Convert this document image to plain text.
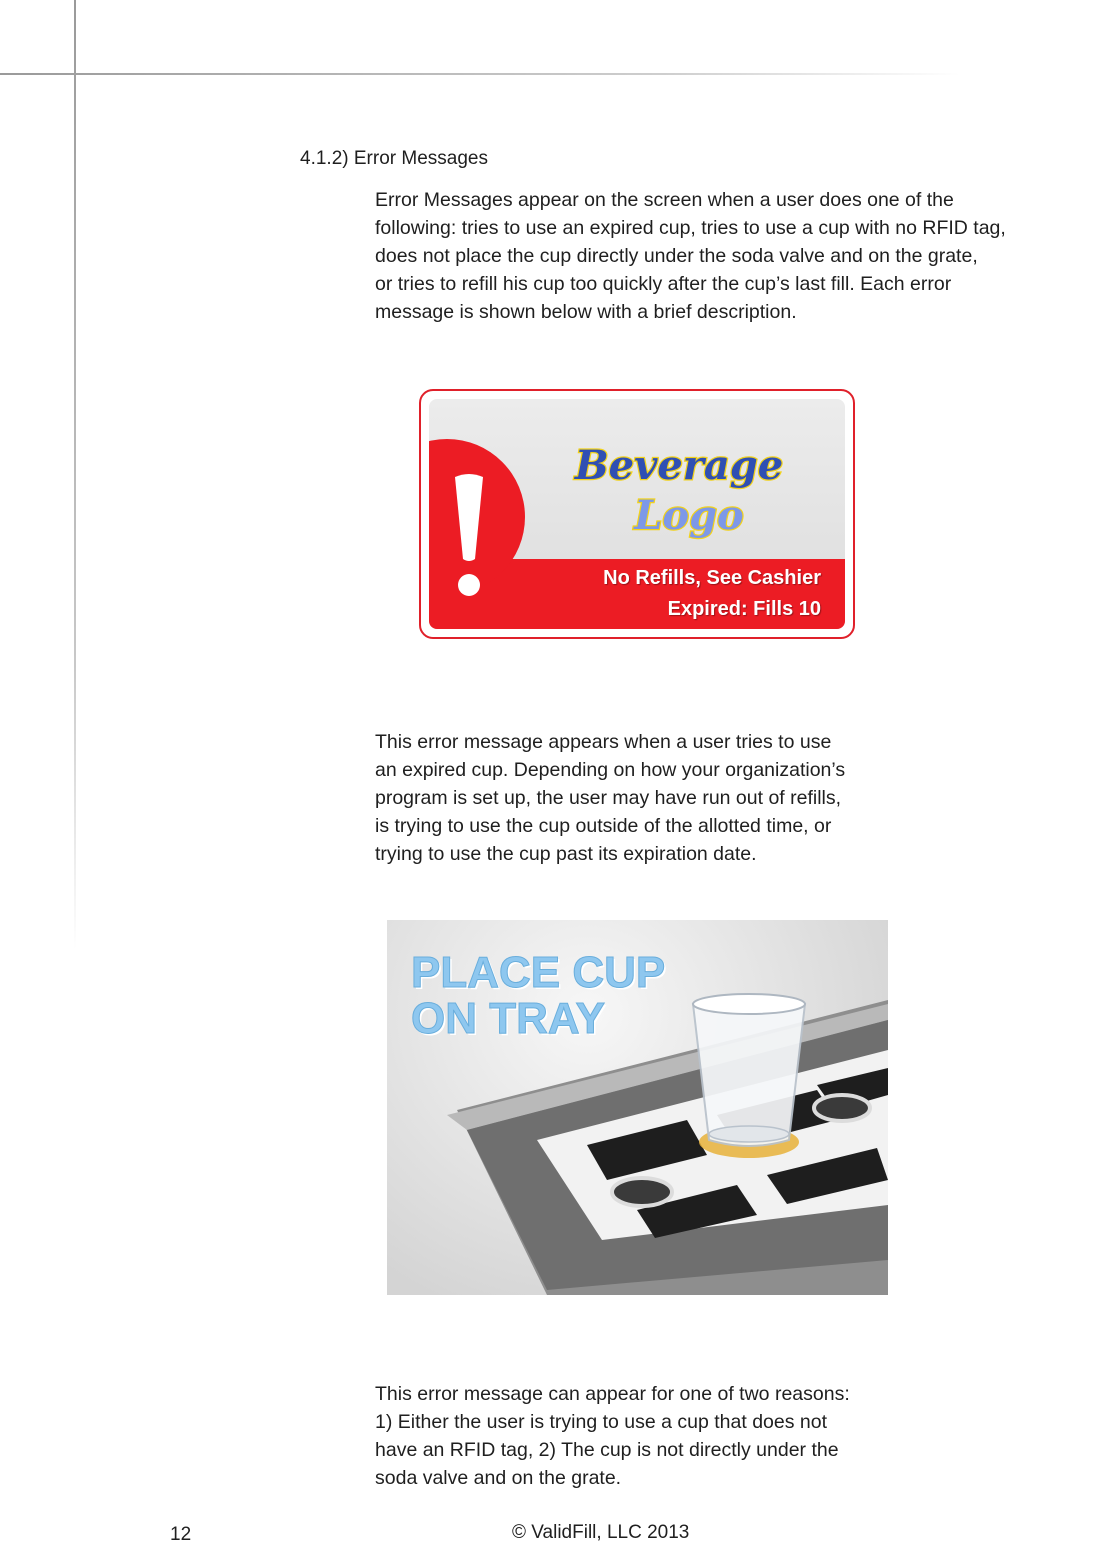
4.1.2) Error Messages

Error Messages appear on the screen when a user does one of the
following: tries to use an expired cup, tries to use a cup with no RFID tag,
does not place the cup directly under the soda valve and on the grate,
or tries to refill his cup too quickly after the cup’s last fill. Each error
message is shown below with a brief description.

Beverage
Logo
No Refills, See Cashier
Expired: Fills 10

This error message appears when a user tries to use
an expired cup. Depending on how your organization’s
program is set up, the user may have run out of refills,
is trying to use the cup outside of the allotted time, or
trying to use the cup past its expiration date.

PLACE CUP
ON TRAY

This error message can appear for one of two reasons:
1) Either the user is trying to use a cup that does not
have an RFID tag, 2) The cup is not directly under the
soda valve and on the grate.

12	© ValidFill, LLC 2013
